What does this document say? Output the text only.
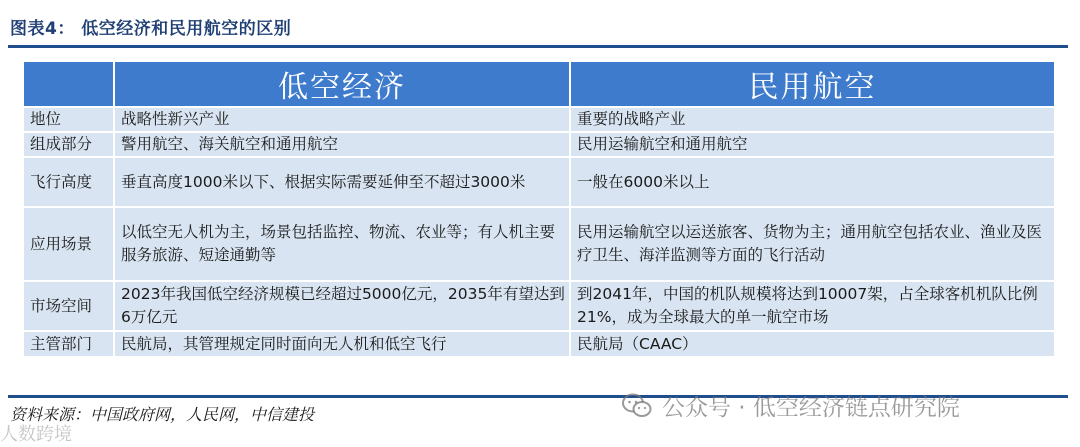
图表4： 低空经济和民用航空的区别
	低空经济	民用航空
地位	战略性新兴产业	重要的战略产业
组成部分	警用航空、海关航空和通用航空	民用运输航空和通用航空
飞行高度	垂直高度1000米以下、根据实际需要延伸至不超过3000米	一般在6000米以上
应用场景	以低空无人机为主，场景包括监控、物流、农业等；有人机主要服务旅游、短途通勤等	民用运输航空以运送旅客、货物为主；通用航空包括农业、渔业及医疗卫生、海洋监测等方面的飞行活动
市场空间	2023年我国低空经济规模已经超过5000亿元，2035年有望达到6万亿元	到2041年，中国的机队规模将达到10007架，占全球客机机队比例21%，成为全球最大的单一航空市场
主管部门	民航局，其管理规定同时面向无人机和低空飞行	民航局（CAAC）
公众号 · 低空经济链点研究院
资料来源：中国政府网，人民网，中信建投
人数跨境
